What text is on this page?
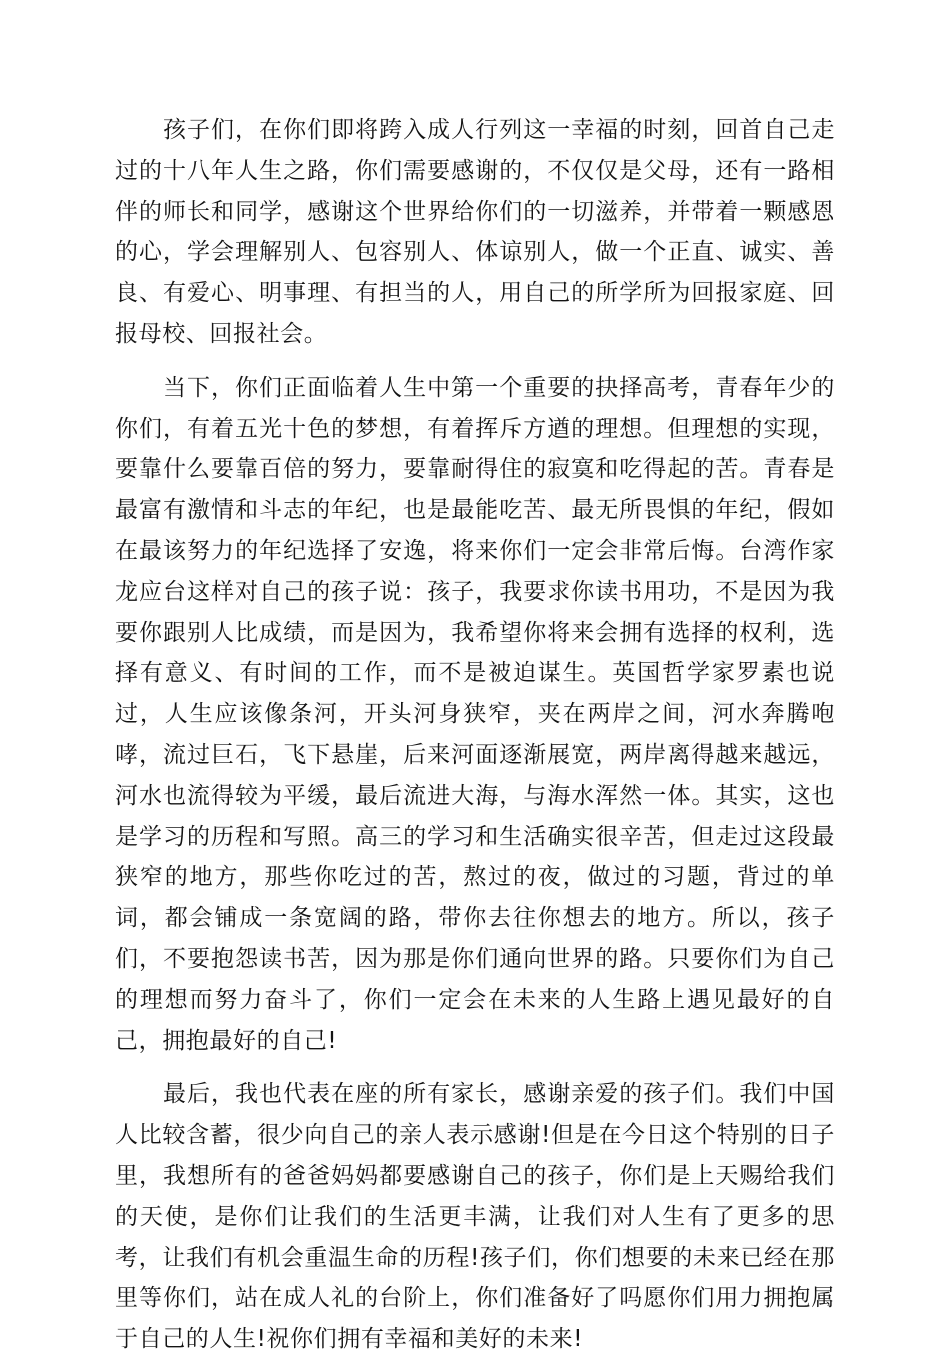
孩子们，在你们即将跨入成人行列这一幸福的时刻，回首自己走过的十八年人生之路，你们需要感谢的，不仅仅是父母，还有一路相伴的师长和同学，感谢这个世界给你们的一切滋养，并带着一颗感恩的心，学会理解别人、包容别人、体谅别人，做一个正直、诚实、善良、有爱心、明事理、有担当的人，用自己的所学所为回报家庭、回报母校、回报社会。

当下，你们正面临着人生中第一个重要的抉择高考，青春年少的你们，有着五光十色的梦想，有着挥斥方遒的理想。但理想的实现，要靠什么要靠百倍的努力，要靠耐得住的寂寞和吃得起的苦。青春是最富有激情和斗志的年纪，也是最能吃苦、最无所畏惧的年纪，假如在最该努力的年纪选择了安逸，将来你们一定会非常后悔。台湾作家龙应台这样对自己的孩子说：孩子，我要求你读书用功，不是因为我要你跟别人比成绩，而是因为，我希望你将来会拥有选择的权利，选择有意义、有时间的工作，而不是被迫谋生。英国哲学家罗素也说过，人生应该像条河，开头河身狭窄，夹在两岸之间，河水奔腾咆哮，流过巨石，飞下悬崖，后来河面逐渐展宽，两岸离得越来越远，河水也流得较为平缓，最后流进大海，与海水浑然一体。其实，这也是学习的历程和写照。高三的学习和生活确实很辛苦，但走过这段最狭窄的地方，那些你吃过的苦，熬过的夜，做过的习题，背过的单词，都会铺成一条宽阔的路，带你去往你想去的地方。所以，孩子们，不要抱怨读书苦，因为那是你们通向世界的路。只要你们为自己的理想而努力奋斗了，你们一定会在未来的人生路上遇见最好的自己，拥抱最好的自己!

最后，我也代表在座的所有家长，感谢亲爱的孩子们。我们中国人比较含蓄，很少向自己的亲人表示感谢!但是在今日这个特别的日子里，我想所有的爸爸妈妈都要感谢自己的孩子，你们是上天赐给我们的天使，是你们让我们的生活更丰满，让我们对人生有了更多的思考，让我们有机会重温生命的历程!孩子们，你们想要的未来已经在那里等你们，站在成人礼的台阶上，你们准备好了吗愿你们用力拥抱属于自己的人生!祝你们拥有幸福和美好的未来!
